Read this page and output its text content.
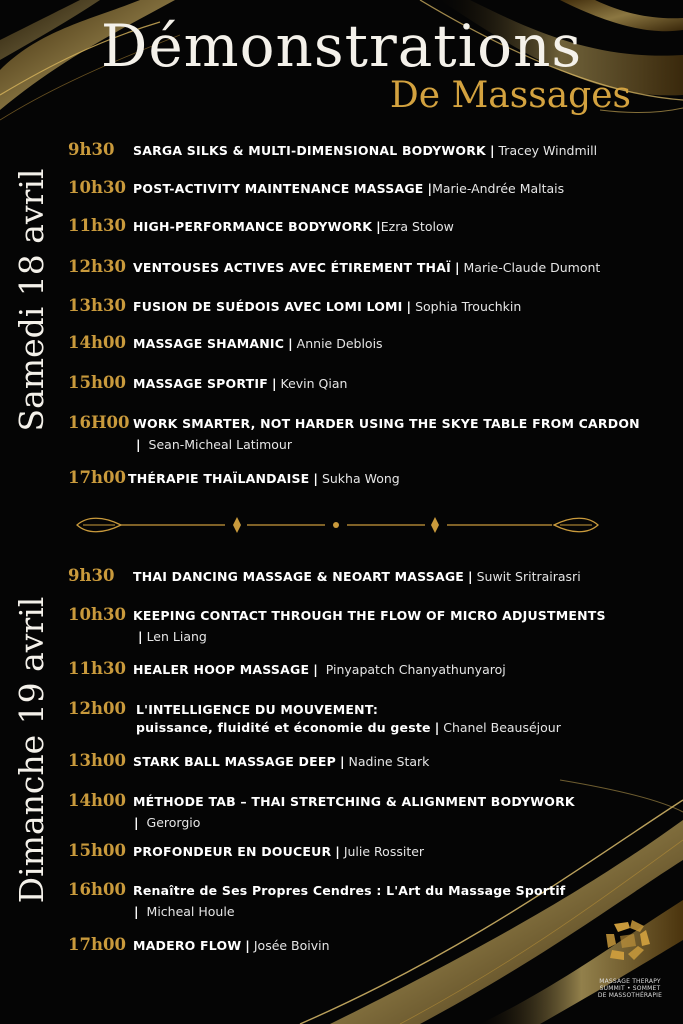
Démonstrations
De Massages
Samedi 18 avril
Dimanche 19 avril
9h30 SARGA SILKS & MULTI-DIMENSIONAL BODYWORK | Tracey Windmill
10h30 POST-ACTIVITY MAINTENANCE MASSAGE |Marie-Andrée Maltais
11h30 HIGH-PERFORMANCE BODYWORK |Ezra Stolow
12h30 VENTOUSES ACTIVES AVEC ÉTIREMENT THAÏ | Marie-Claude Dumont
13h30 FUSION DE SUÉDOIS AVEC LOMI LOMI | Sophia Trouchkin
14h00 MASSAGE SHAMANIC | Annie Deblois
15h00 MASSAGE SPORTIF | Kevin Qian
16H00 WORK SMARTER, NOT HARDER USING THE SKYE TABLE FROM CARDON
| Sean-Micheal Latimour
17h00 THÉRAPIE THAÏLANDAISE | Sukha Wong
9h30 THAI DANCING MASSAGE & NEOART MASSAGE | Suwit Sritrairasri
10h30 KEEPING CONTACT THROUGH THE FLOW OF MICRO ADJUSTMENTS
| Len Liang
11h30 HEALER HOOP MASSAGE | Pinyapatch Chanyathunyaroj
12h00 L'INTELLIGENCE DU MOUVEMENT:
puissance, fluidité et économie du geste | Chanel Beauséjour
13h00 STARK BALL MASSAGE DEEP | Nadine Stark
14h00 MÉTHODE TAB – THAI STRETCHING & ALIGNMENT BODYWORK
| Gerorgio
15h00 PROFONDEUR EN DOUCEUR | Julie Rossiter
16h00 Renaître de Ses Propres Cendres : L'Art du Massage Sportif
| Micheal Houle
17h00 MADERO FLOW | Josée Boivin
MASSAGE THERAPY
SUMMIT • SOMMET
DE MASSOTHÉRAPIE
